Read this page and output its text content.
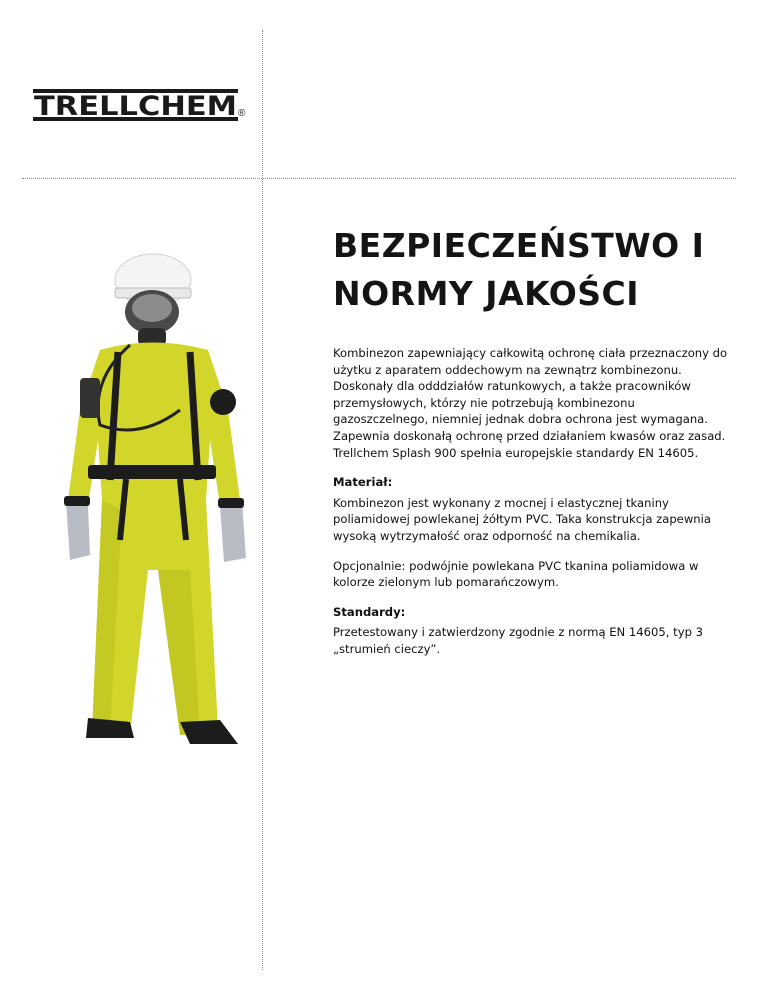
TRELLCHEM ®
BEZPIECZEŃSTWO I
NORMY JAKOŚCI

Kombinezon zapewniający całkowitą ochronę ciała przeznaczony do użytku z aparatem oddechowym na zewnątrz kombinezonu. Doskonały dla odddziałów ratunkowych, a także pracowników przemysłowych, którzy nie potrzebują kombinezonu gazoszczelnego, niemniej jednak dobra ochrona jest wymagana. Zapewnia doskonałą ochronę przed działaniem kwasów oraz zasad. Trellchem Splash 900 spełnia europejskie standardy EN 14605.

Materiał:

Kombinezon jest wykonany z mocnej i elastycznej tkaniny poliamidowej powlekanej żółtym PVC. Taka konstrukcja zapewnia wysoką wytrzymałość oraz odporność na chemikalia.

Opcjonalnie: podwójnie powlekana PVC tkanina poliamidowa w kolorze zielonym lub pomarańczowym.

Standardy:

Przetestowany i zatwierdzony zgodnie z normą EN 14605, typ 3 „strumień cieczy”.
